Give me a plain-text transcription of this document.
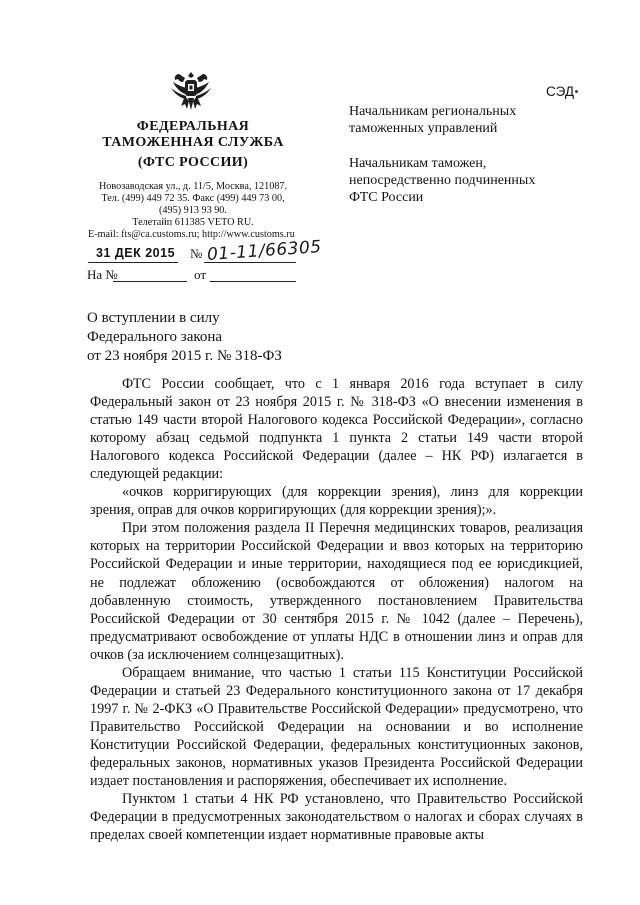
ФЕДЕРАЛЬНАЯ
ТАМОЖЕННАЯ СЛУЖБА
(ФТС РОССИИ)
Новозаводская ул., д. 11/5, Москва, 121087.
Тел. (499) 449 72 35. Факс (499) 449 73 00,
(495) 913 93 90.
Телетайп 611385 VETO RU.
E-mail: fts@ca.customs.ru; http://www.customs.ru
31 ДЕК 2015 № 01-11/66305
На №	от
СЭД
Начальникам региональных
таможенных управлений
Начальникам таможен,
непосредственно подчиненных
ФТС России
О вступлении в силу
Федерального закона
от 23 ноября 2015 г. № 318-ФЗ

ФТС России сообщает, что с 1 января 2016 года вступает в силу Федеральный закон от 23 ноября 2015 г. № 318-ФЗ «О внесении изменения в статью 149 части второй Налогового кодекса Российской Федерации», согласно которому абзац седьмой подпункта 1 пункта 2 статьи 149 части второй Налогового кодекса Российской Федерации (далее – НК РФ) излагается в следующей редакции:

«очков корригирующих (для коррекции зрения), линз для коррекции зрения, оправ для очков корригирующих (для коррекции зрения);».

При этом положения раздела II Перечня медицинских товаров, реализация которых на территории Российской Федерации и ввоз которых на территорию Российской Федерации и иные территории, находящиеся под ее юрисдикцией, не подлежат обложению (освобождаются от обложения) налогом на добавленную стоимость, утвержденного постановлением Правительства Российской Федерации от 30 сентября 2015 г. № 1042 (далее – Перечень), предусматривают освобождение от уплаты НДС в отношении линз и оправ для очков (за исключением солнцезащитных).

Обращаем внимание, что частью 1 статьи 115 Конституции Российской Федерации и статьей 23 Федерального конституционного закона от 17 декабря 1997 г. № 2-ФКЗ «О Правительстве Российской Федерации» предусмотрено, что Правительство Российской Федерации на основании и во исполнение Конституции Российской Федерации, федеральных конституционных законов, федеральных законов, нормативных указов Президента Российской Федерации издает постановления и распоряжения, обеспечивает их исполнение.

Пунктом 1 статьи 4 НК РФ установлено, что Правительство Российской Федерации в предусмотренных законодательством о налогах и сборах случаях в пределах своей компетенции издает нормативные правовые акты
